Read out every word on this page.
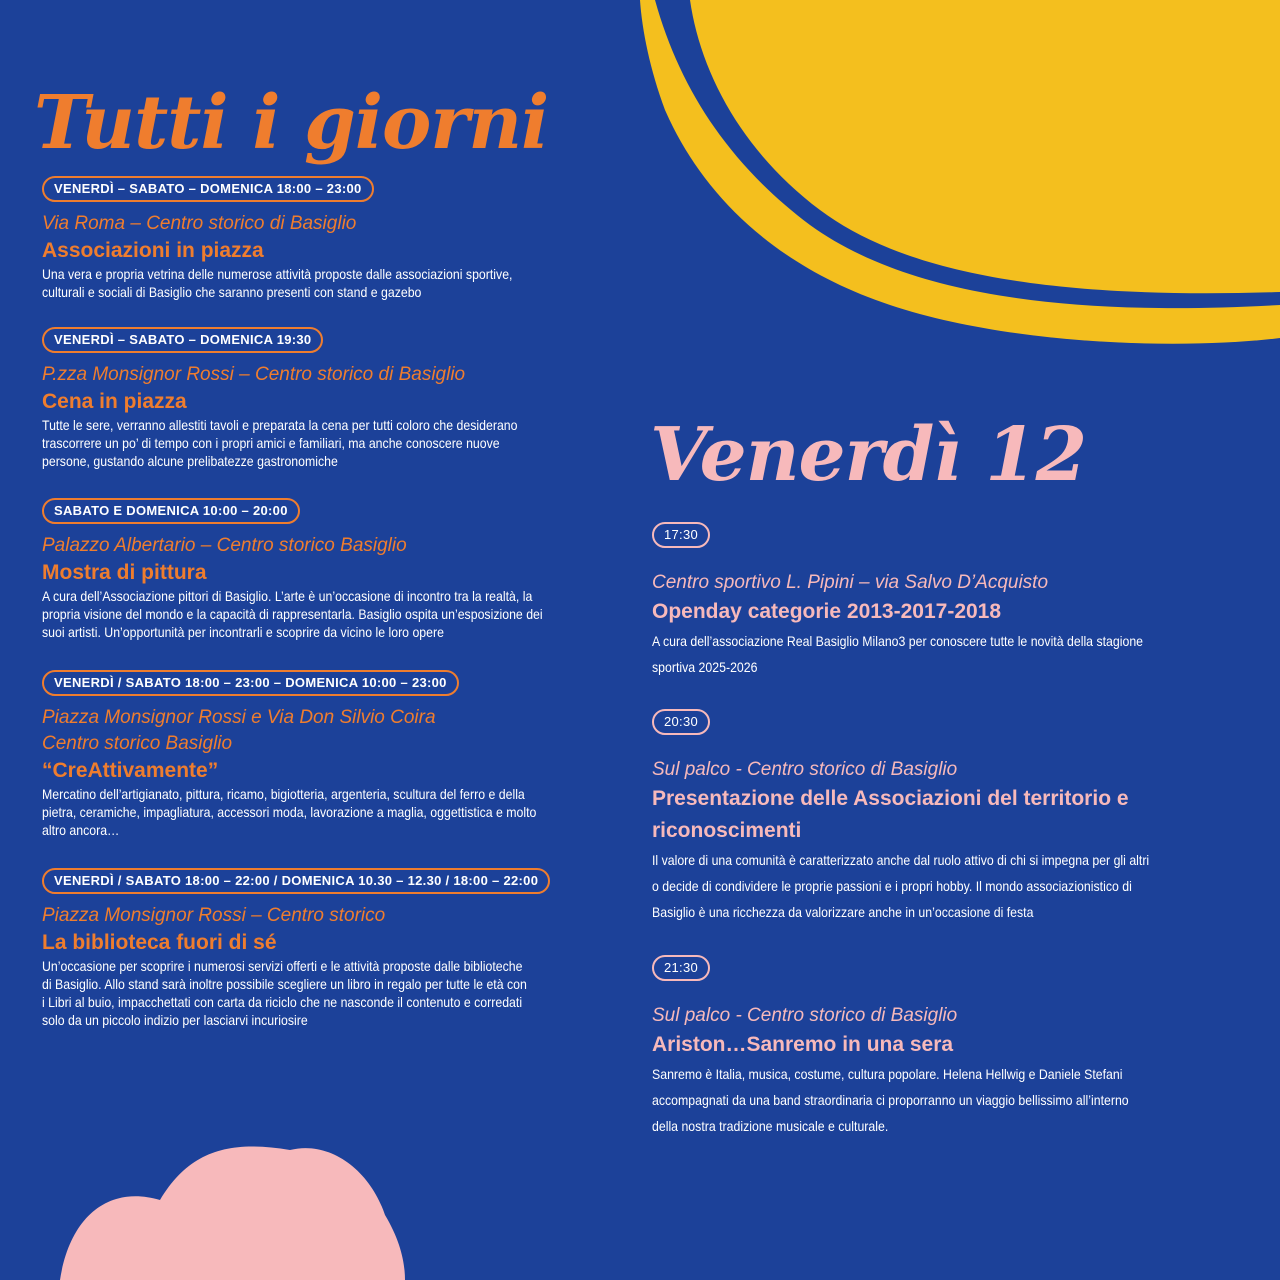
Tutti i giorni
Venerdì 12
VENERDÌ – SABATO – DOMENICA 18:00 – 23:00

Via Roma – Centro storico di Basiglio

Associazioni in piazza

Una vera e propria vetrina delle numerose attività proposte dalle associazioni sportive,
culturali e sociali di Basiglio che saranno presenti con stand e gazebo

VENERDÌ – SABATO – DOMENICA 19:30

P.zza Monsignor Rossi – Centro storico di Basiglio

Cena in piazza

Tutte le sere, verranno allestiti tavoli e preparata la cena per tutti coloro che desiderano
trascorrere un po’ di tempo con i propri amici e familiari, ma anche conoscere nuove
persone, gustando alcune prelibatezze gastronomiche

SABATO E DOMENICA 10:00 – 20:00

Palazzo Albertario – Centro storico Basiglio

Mostra di pittura

A cura dell’Associazione pittori di Basiglio. L’arte è un’occasione di incontro tra la realtà, la
propria visione del mondo e la capacità di rappresentarla. Basiglio ospita un’esposizione dei
suoi artisti. Un’opportunità per incontrarli e scoprire da vicino le loro opere

VENERDÌ / SABATO 18:00 – 23:00 – DOMENICA 10:00 – 23:00

Piazza Monsignor Rossi e Via Don Silvio Coira

Centro storico Basiglio

“CreAttivamente”

Mercatino dell’artigianato, pittura, ricamo, bigiotteria, argenteria, scultura del ferro e della
pietra, ceramiche, impagliatura, accessori moda, lavorazione a maglia, oggettistica e molto
altro ancora…

VENERDÌ / SABATO 18:00 – 22:00 / DOMENICA 10.30 – 12.30 / 18:00 – 22:00

Piazza Monsignor Rossi – Centro storico

La biblioteca fuori di sé

Un’occasione per scoprire i numerosi servizi offerti e le attività proposte dalle biblioteche
di Basiglio. Allo stand sarà inoltre possibile scegliere un libro in regalo per tutte le età con
i Libri al buio, impacchettati con carta da riciclo che ne nasconde il contenuto e corredati
solo da un piccolo indizio per lasciarvi incuriosire

17:30

Centro sportivo L. Pipini – via Salvo D’Acquisto

Openday categorie 2013-2017-2018

A cura dell’associazione Real Basiglio Milano3 per conoscere tutte le novità della stagione
sportiva 2025-2026

20:30

Sul palco - Centro storico di Basiglio

Presentazione delle Associazioni del territorio e
riconoscimenti

Il valore di una comunità è caratterizzato anche dal ruolo attivo di chi si impegna per gli altri
o decide di condividere le proprie passioni e i propri hobby. Il mondo associazionistico di
Basiglio è una ricchezza da valorizzare anche in un’occasione di festa

21:30

Sul palco - Centro storico di Basiglio

Ariston…Sanremo in una sera

Sanremo è Italia, musica, costume, cultura popolare. Helena Hellwig e Daniele Stefani
accompagnati da una band straordinaria ci proporranno un viaggio bellissimo all’interno
della nostra tradizione musicale e culturale.
